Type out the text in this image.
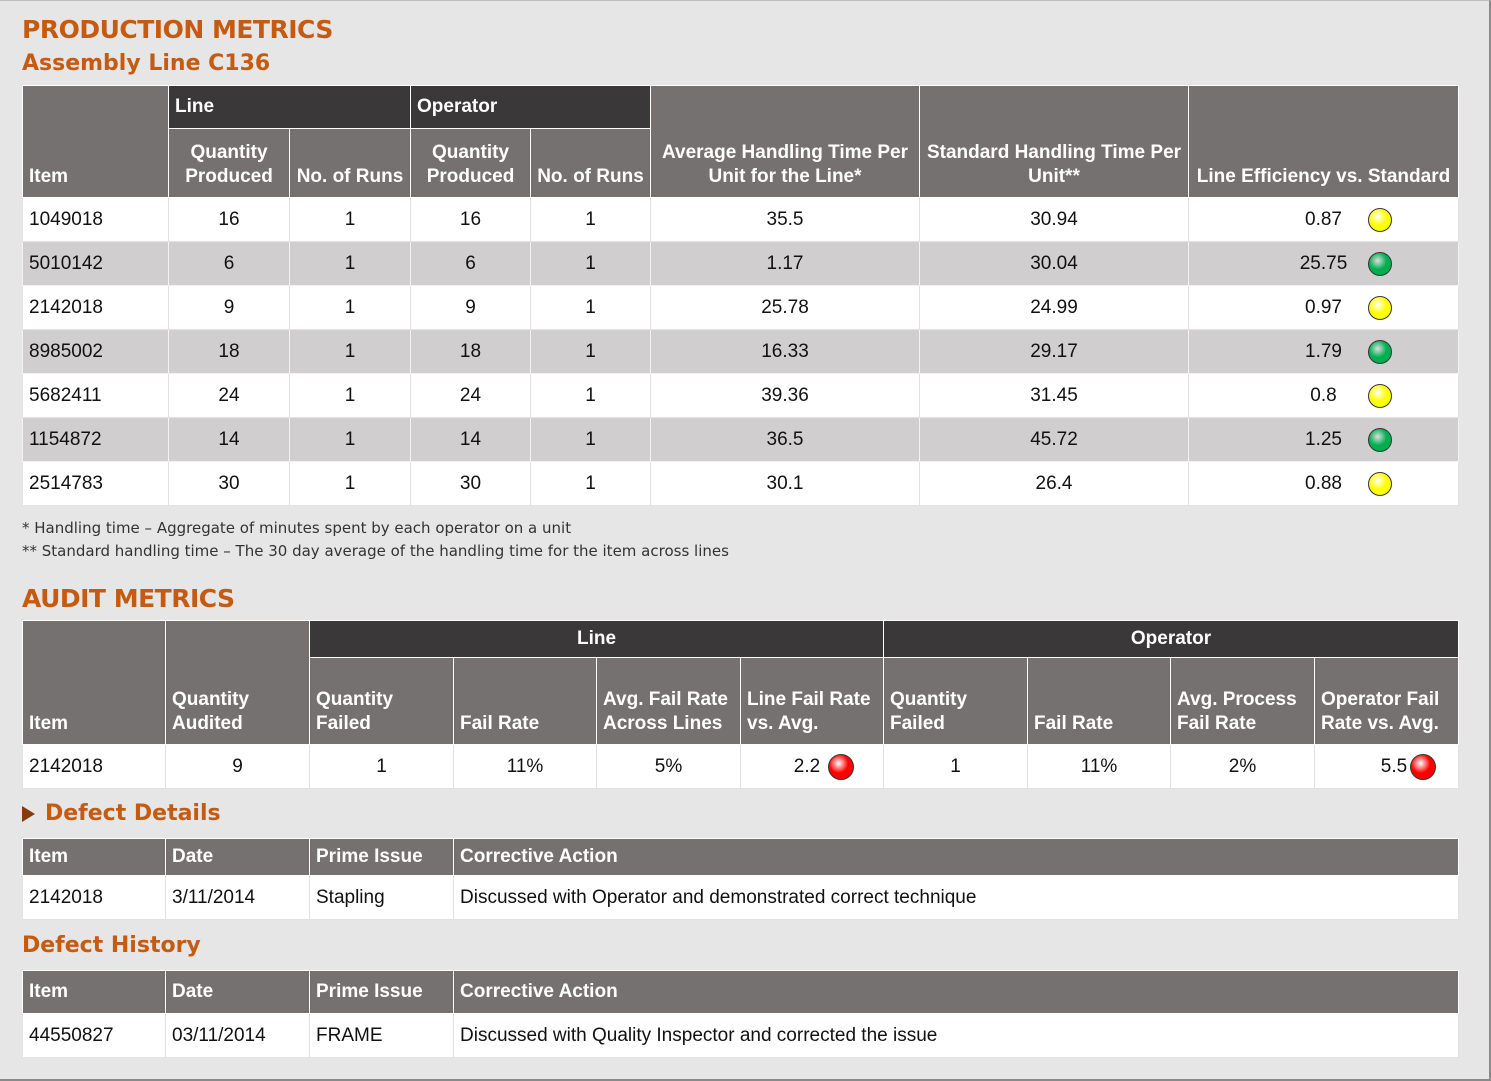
PRODUCTION METRICS
Assembly Line C136
Item	Line		Operator		Average Handling Time Per Unit for the Line*	Standard Handling Time Per Unit**	Line Efficiency vs. Standard
	Quantity Produced	No. of Runs	Quantity Produced	No. of Runs			
1049018	16	1	16	1	35.5	30.94	0.87

5010142	6	1	6	1	1.17	30.04	25.75

2142018	9	1	9	1	25.78	24.99	0.97

8985002	18	1	18	1	16.33	29.17	1.79

5682411	24	1	24	1	39.36	31.45	0.8

1154872	14	1	14	1	36.5	45.72	1.25

2514783	30	1	30	1	30.1	26.4	0.88
* Handling time – Aggregate of minutes spent by each operator on a unit
** Standard handling time – The 30 day average of the handling time for the item across lines
AUDIT METRICS
Item	Quantity Audited	Line				Operator			
		Quantity Failed	Fail Rate	Avg. Fail Rate Across Lines	Line Fail Rate vs. Avg.	Quantity Failed	Fail Rate	Avg. Process Fail Rate	Operator Fail Rate vs. Avg.
2142018	9	1	11%	5%	2.2	1	11%	2%	5.5
Defect Details
Item	Date	Prime Issue	Corrective Action
2142018	3/11/2014	Stapling	Discussed with Operator and demonstrated correct technique
Defect History
Item	Date	Prime Issue	Corrective Action
44550827	03/11/2014	FRAME	Discussed with Quality Inspector and corrected the issue
